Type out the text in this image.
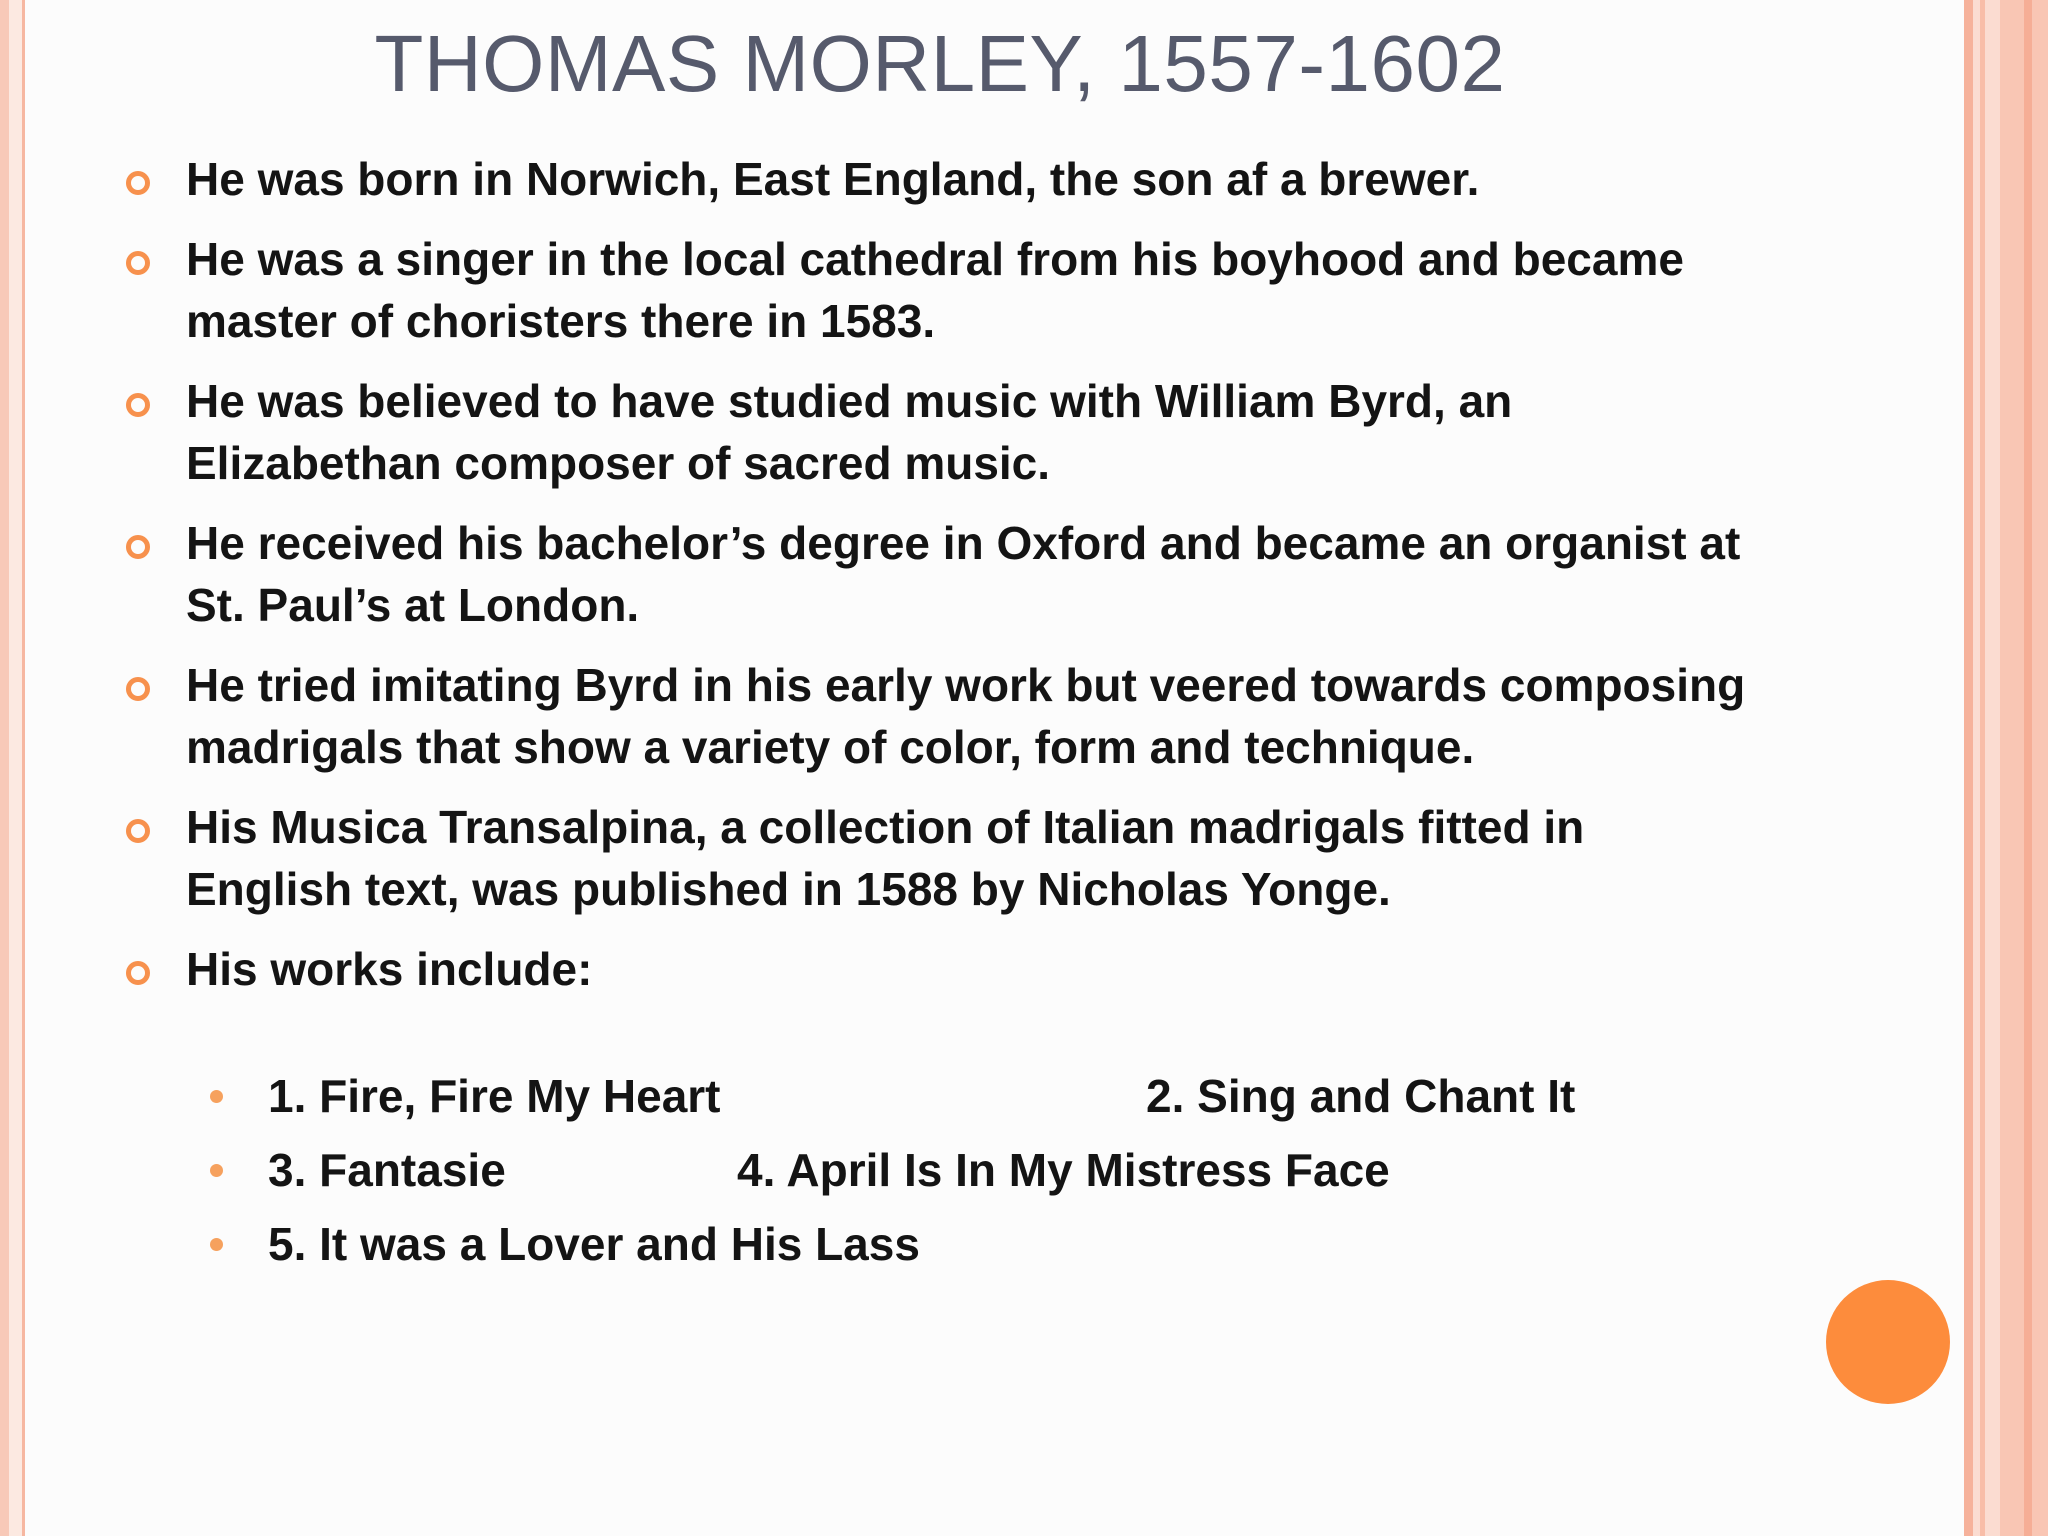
THOMAS MORLEY, 1557-1602
He was born in Norwich, East England, the son af a brewer.
He was a singer in the local cathedral from his boyhood and became master of choristers there in 1583.
He was believed to have studied music with William Byrd, an Elizabethan composer of sacred music.
He received his bachelor’s degree in Oxford and became an organist at St. Paul’s at London.
He tried imitating Byrd in his early work but veered towards composing madrigals that show a variety of color, form and technique.
His Musica Transalpina, a collection of Italian madrigals fitted in English text, was published in 1588 by Nicholas Yonge.
His works include:
1. Fire, Fire My Heart	2. Sing and Chant It
3. Fantasie	4. April Is In My Mistress Face
5. It was a Lover and His Lass
